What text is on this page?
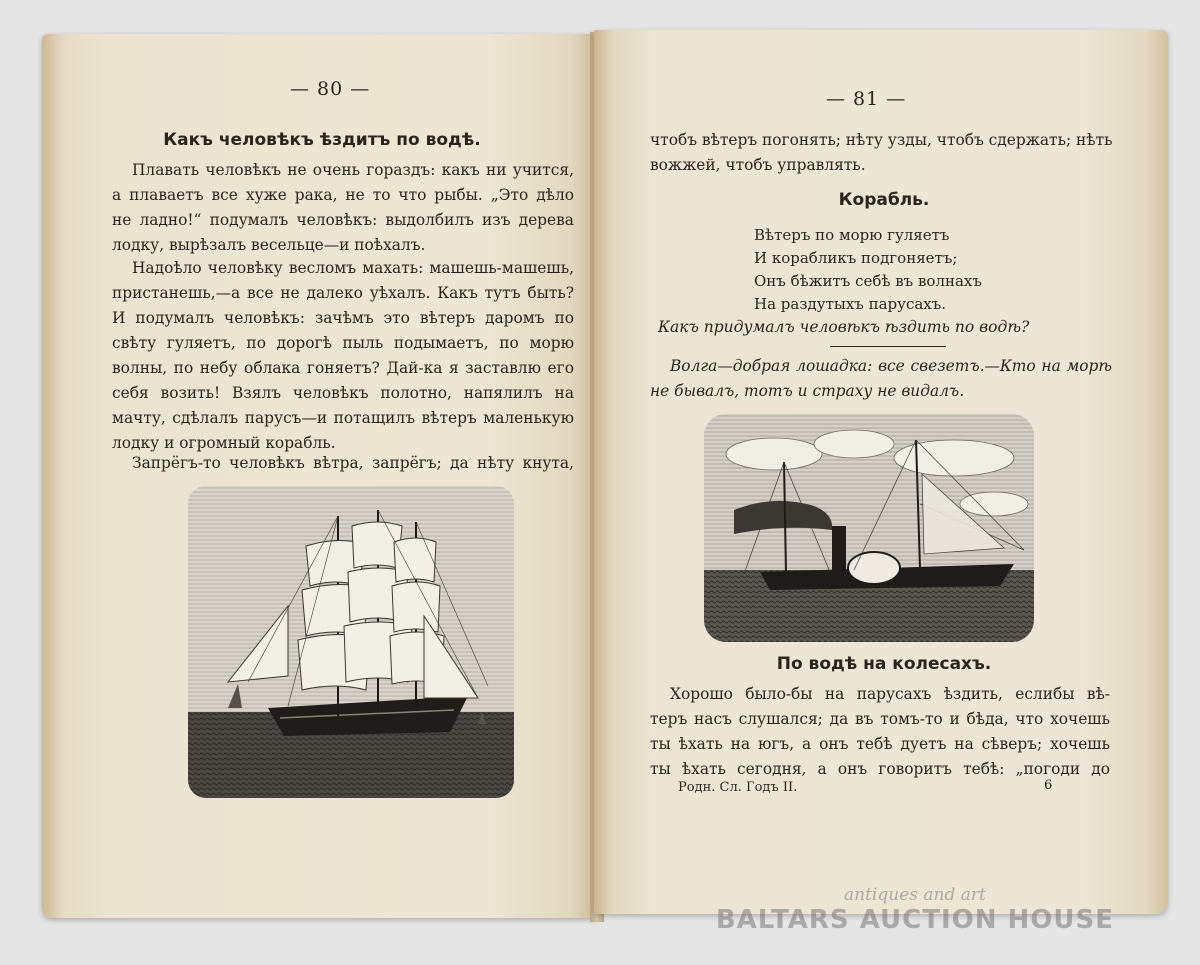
— 80 —
Какъ человѣкъ ѣздитъ по водѣ.
Плавать человѣкъ не очень гораздъ: какъ ни учится,
а плаваетъ все хуже рака, не то что рыбы. „Это дѣло
не ладно!“ подумалъ человѣкъ: выдолбилъ изъ дерева
лодку, вырѣзалъ весельце—и поѣхалъ.
Надоѣло человѣку весломъ махать: машешь-машешь,
пристанешь,—а все не далеко уѣхалъ. Какъ тутъ быть?
И подумалъ человѣкъ: зачѣмъ это вѣтеръ даромъ по
свѣту гуляетъ, по дорогѣ пыль подымаетъ, по морю
волны, по небу облака гоняетъ? Дай-ка я заставлю его
себя возить! Взялъ человѣкъ полотно, напялилъ на
мачту, сдѣлалъ парусъ—и потащилъ вѣтеръ маленькую
лодку и огромный корабль.
Запрёгъ-то человѣкъ вѣтра, запрёгъ; да нѣту кнута,
— 81 —
чтобъ вѣтеръ погонять; нѣту узды, чтобъ сдержать; нѣть
вожжей, чтобъ управлять.
Корабль.
Вѣтеръ по морю гуляетъ
И корабликъ подгоняетъ;
Онъ бѣжитъ себѣ въ волнахъ
На раздутыхъ парусахъ.
Какъ придумалъ человѣкъ ѣздить по водѣ?
Волга—добрая лошадка: все свезетъ.—Кто на морѣ
не бывалъ, тотъ и страху не видалъ.
По водѣ на колесахъ.
Хорошо было-бы на парусахъ ѣздить, еслибы вѣ-
теръ насъ слушался; да въ томъ-то и бѣда, что хочешь
ты ѣхать на югъ, а онъ тебѣ дуетъ на сѣверъ; хочешь
ты ѣхать сегодня, а онъ говоритъ тебѣ: „погоди до
Родн. Сл. Годъ II.	6
antiques and art
BALTARS AUCTION HOUSE
